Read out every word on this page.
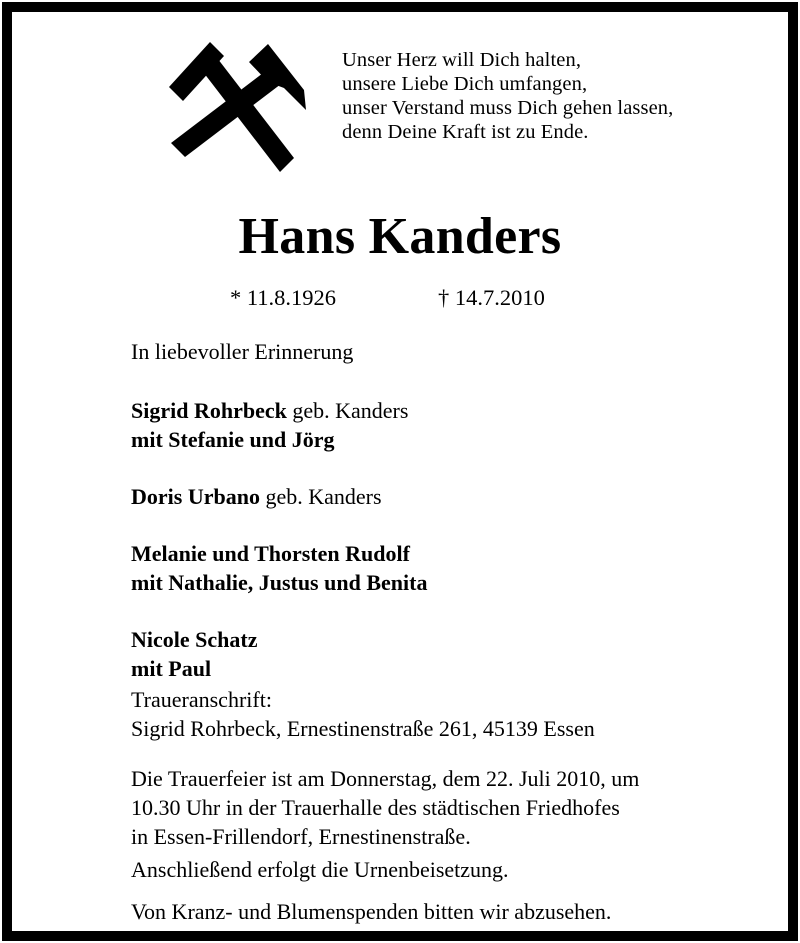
Unser Herz will Dich halten,
unsere Liebe Dich umfangen,
unser Verstand muss Dich gehen lassen,
denn Deine Kraft ist zu Ende.
Hans Kanders
* 11.8.1926	† 14.7.2010
In liebevoller Erinnerung
Sigrid Rohrbeck geb. Kanders
mit Stefanie und Jörg
Doris Urbano geb. Kanders
Melanie und Thorsten Rudolf
mit Nathalie, Justus und Benita
Nicole Schatz
mit Paul
Traueranschrift:
Sigrid Rohrbeck, Ernestinenstraße 261, 45139 Essen
Die Trauerfeier ist am Donnerstag, dem 22. Juli 2010, um
10.30 Uhr in der Trauerhalle des städtischen Friedhofes
in Essen-Frillendorf, Ernestinenstraße.
Anschließend erfolgt die Urnenbeisetzung.
Von Kranz- und Blumenspenden bitten wir abzusehen.
